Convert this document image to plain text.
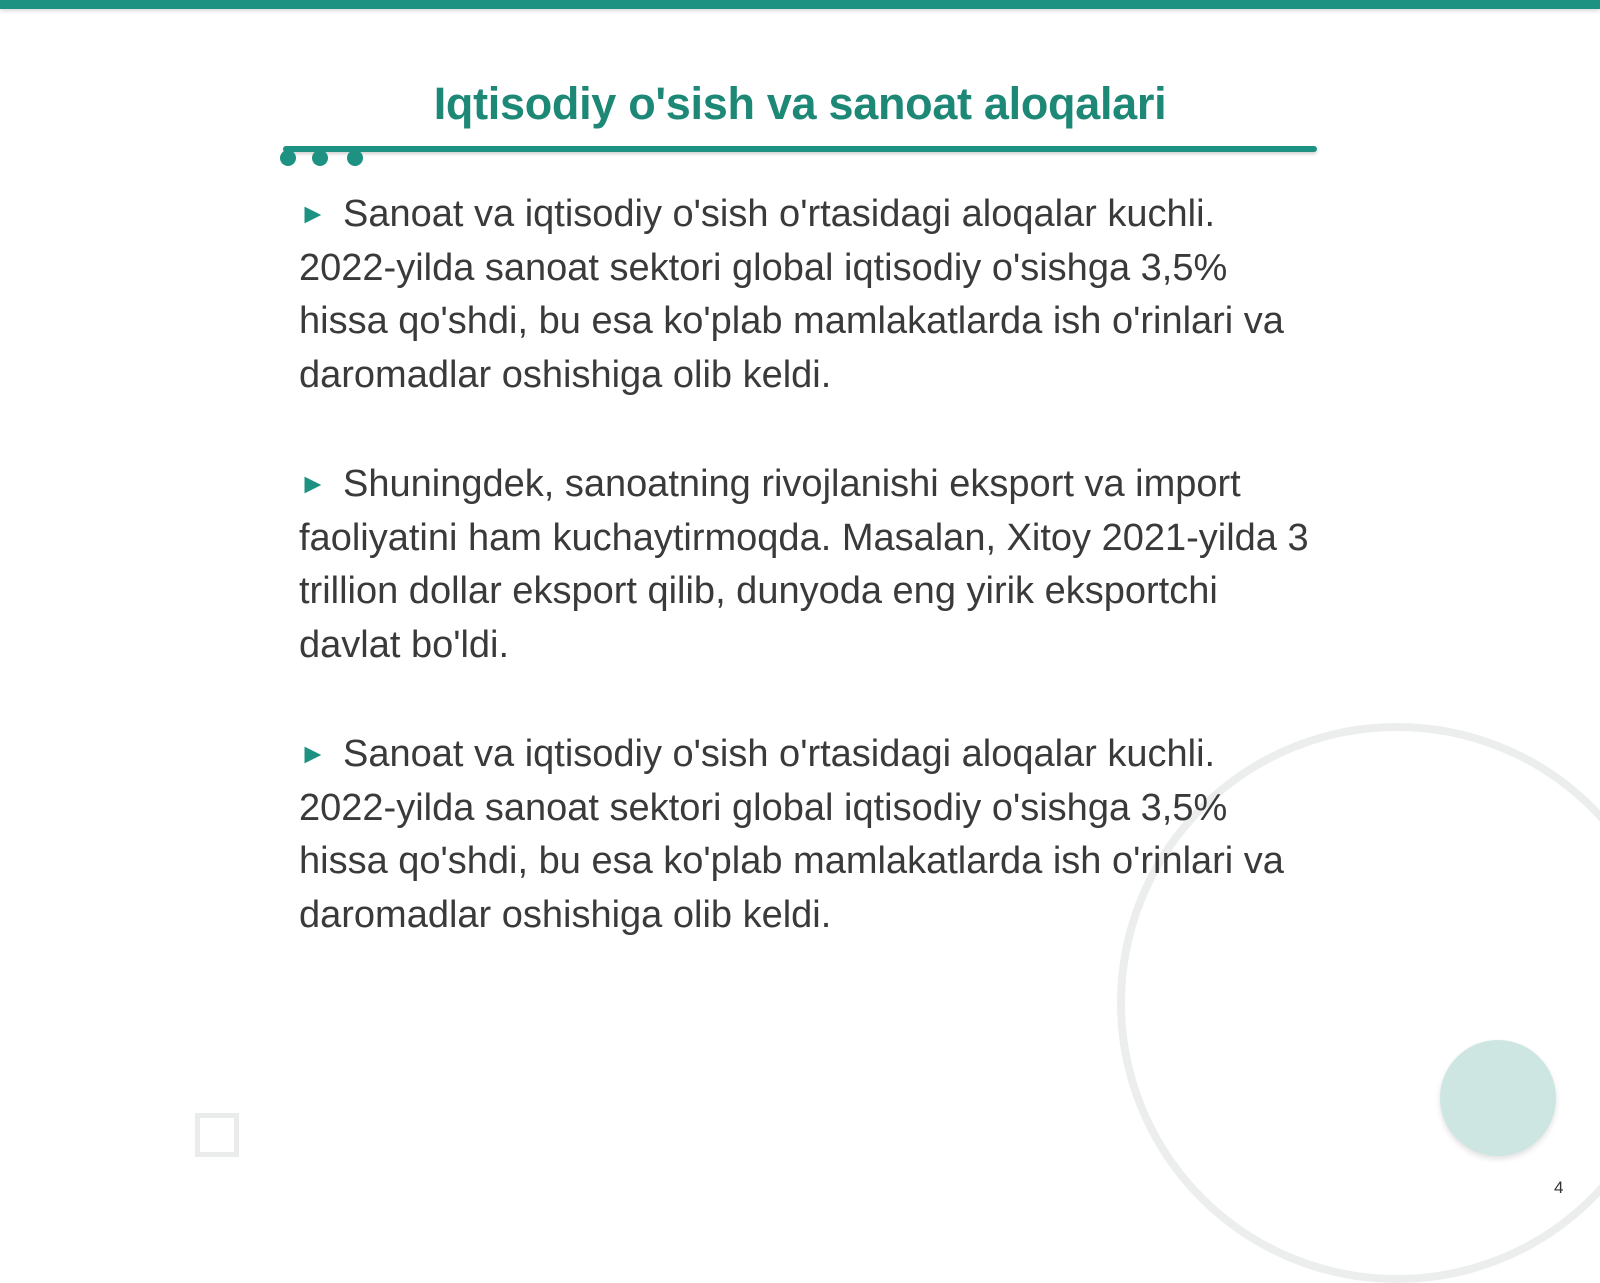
Iqtisodiy o'sish va sanoat aloqalari

► Sanoat va iqtisodiy o'sish o'rtasidagi aloqalar kuchli. 2022-yilda sanoat sektori global iqtisodiy o'sishga 3,5% hissa qo'shdi, bu esa ko'plab mamlakatlarda ish o'rinlari va daromadlar oshishiga olib keldi.

► Shuningdek, sanoatning rivojlanishi eksport va import faoliyatini ham kuchaytirmoqda. Masalan, Xitoy 2021-yilda 3 trillion dollar eksport qilib, dunyoda eng yirik eksportchi davlat bo'ldi.

► Sanoat va iqtisodiy o'sish o'rtasidagi aloqalar kuchli. 2022-yilda sanoat sektori global iqtisodiy o'sishga 3,5% hissa qo'shdi, bu esa ko'plab mamlakatlarda ish o'rinlari va daromadlar oshishiga olib keldi.

4
